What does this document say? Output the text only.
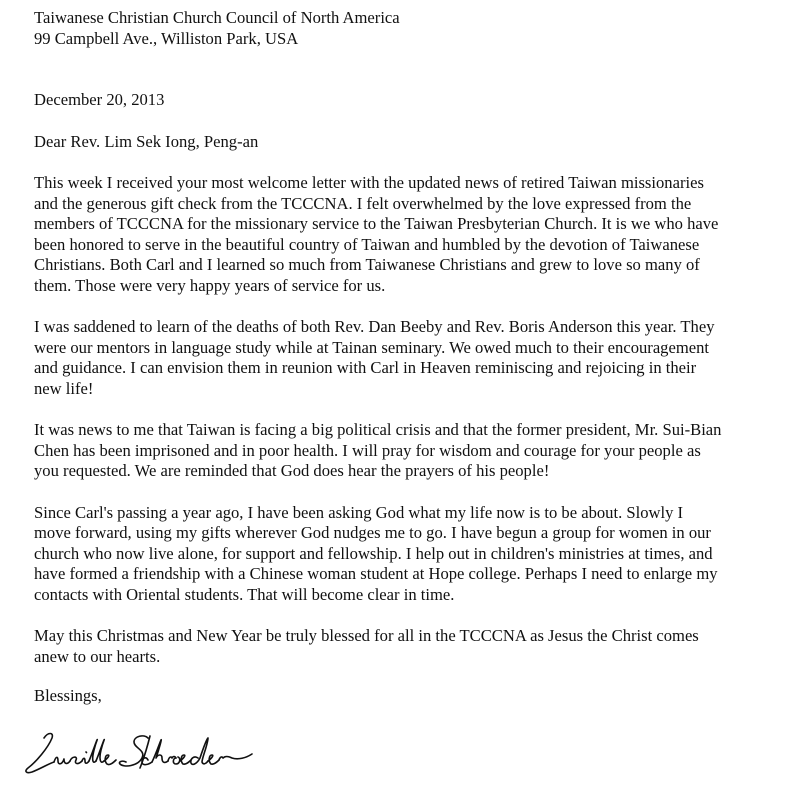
Taiwanese Christian Church Council of North America
99 Campbell Ave., Williston Park, USA
December 20, 2013
Dear Rev. Lim Sek Iong, Peng-an
This week I received your most welcome letter with the updated news of retired Taiwan missionaries
and the generous gift check from the TCCCNA. I felt overwhelmed by the love expressed from the
members of TCCCNA for the missionary service to the Taiwan Presbyterian Church. It is we who have
been honored to serve in the beautiful country of Taiwan and humbled by the devotion of Taiwanese
Christians. Both Carl and I learned so much from Taiwanese Christians and grew to love so many of
them. Those were very happy years of service for us.
I was saddened to learn of the deaths of both Rev. Dan Beeby and Rev. Boris Anderson this year. They
were our mentors in language study while at Tainan seminary. We owed much to their encouragement
and guidance. I can envision them in reunion with Carl in Heaven reminiscing and rejoicing in their
new life!
It was news to me that Taiwan is facing a big political crisis and that the former president, Mr. Sui-Bian
Chen has been imprisoned and in poor health. I will pray for wisdom and courage for your people as
you requested. We are reminded that God does hear the prayers of his people!
Since Carl's passing a year ago, I have been asking God what my life now is to be about. Slowly I
move forward, using my gifts wherever God nudges me to go. I have begun a group for women in our
church who now live alone, for support and fellowship. I help out in children's ministries at times, and
have formed a friendship with a Chinese woman student at Hope college. Perhaps I need to enlarge my
contacts with Oriental students. That will become clear in time.
May this Christmas and New Year be truly blessed for all in the TCCCNA as Jesus the Christ comes
anew to our hearts.
Blessings,
